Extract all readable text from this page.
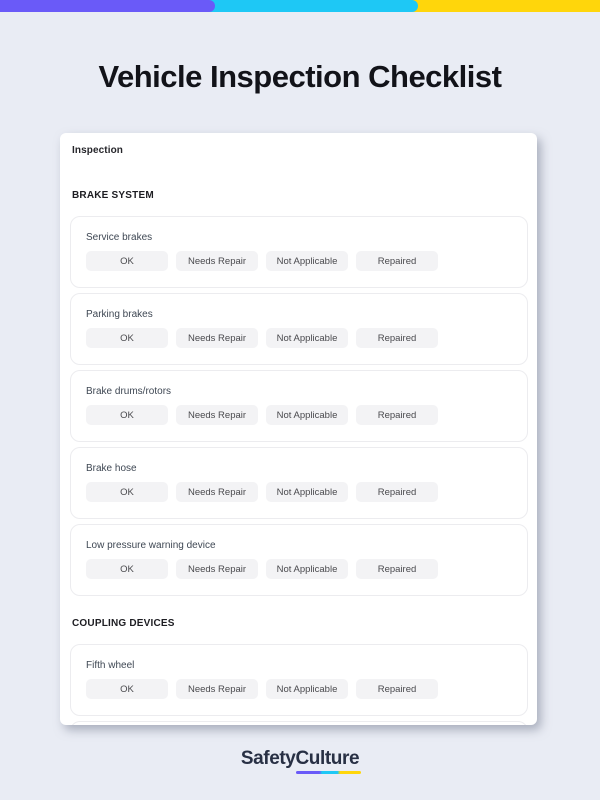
Vehicle Inspection Checklist
Inspection
BRAKE SYSTEM
Service brakes
OK	Needs Repair	Not Applicable	Repaired
Parking brakes
OK	Needs Repair	Not Applicable	Repaired
Brake drums/rotors
OK	Needs Repair	Not Applicable	Repaired
Brake hose
OK	Needs Repair	Not Applicable	Repaired
Low pressure warning device
OK	Needs Repair	Not Applicable	Repaired
COUPLING DEVICES
Fifth wheel
OK	Needs Repair	Not Applicable	Repaired
SafetyCulture
